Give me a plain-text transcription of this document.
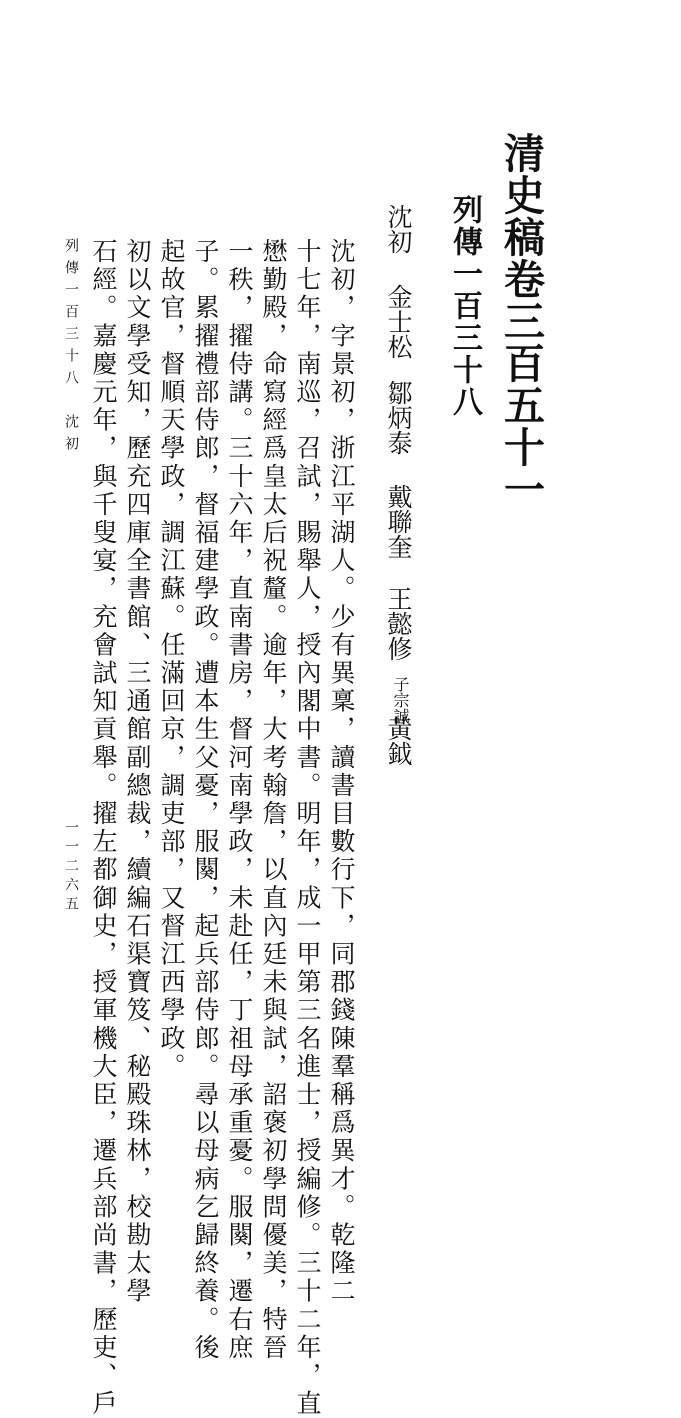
清史稿卷三百五十一
列傳一百三十八
沈初
金士松
鄒炳泰
戴聯奎
王懿修
子宗誠
黃鉞

沈初，字景初，浙江平湖人。少有異稟，讀書目數行下，同郡錢陳羣稱爲異才。乾隆二

十七年，南巡，召試，賜舉人，授內閣中書。明年，成一甲第三名進士，授編修。三十二年，直

懋勤殿，命寫經爲皇太后祝釐。逾年，大考翰詹，以直內廷未與試，詔褒初學問優美，特晉

一秩，擢侍講。三十六年，直南書房，督河南學政，未赴任，丁祖母承重憂。服闋，遷右庶

子。累擢禮部侍郎，督福建學政。遭本生父憂，服闋，起兵部侍郎。尋以母病乞歸終養。後

起故官，督順天學政，調江蘇。任滿回京，調吏部，又督江西學政。

初以文學受知，歷充四庫全書館、三通館副總裁，續編石渠寶笈、秘殿珠林，校勘太學

石經。嘉慶元年，與千叟宴，充會試知貢舉。擢左都御史，授軍機大臣，遷兵部尚書，歷吏、戶

列傳一百三十八　沈初
一一二六五
